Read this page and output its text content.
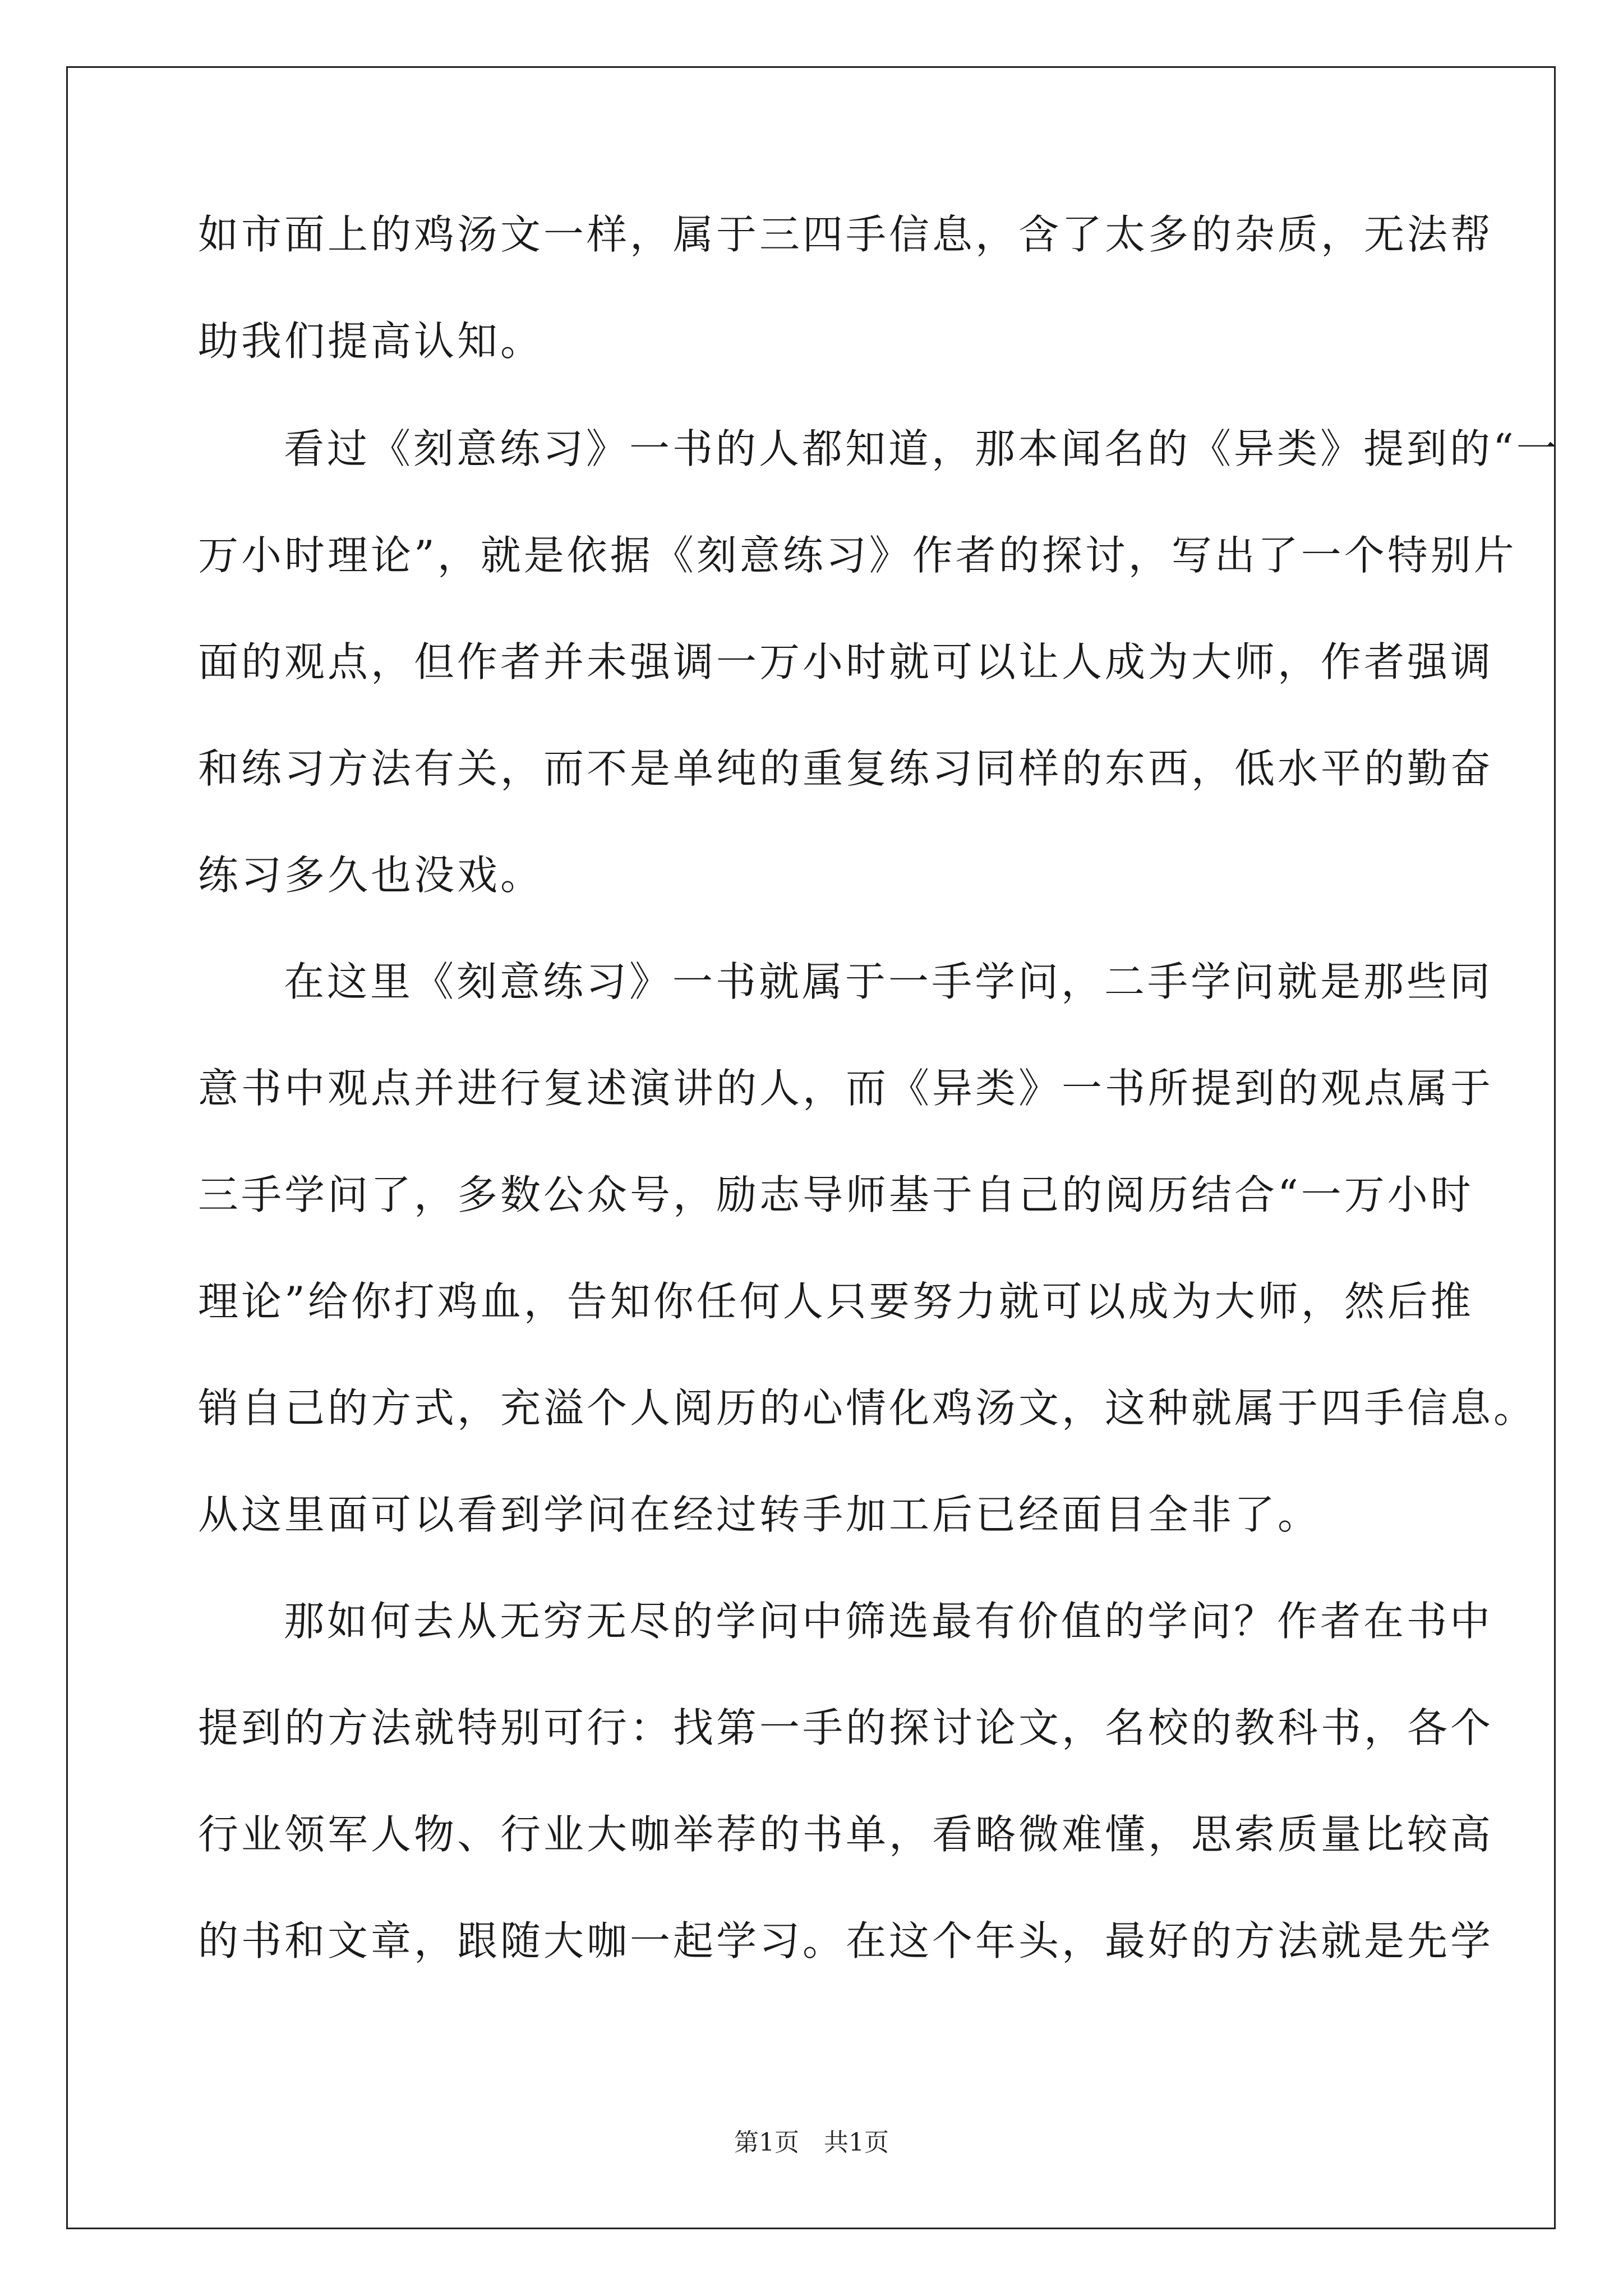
如市面上的鸡汤文一样，属于三四手信息，含了太多的杂质，无法帮
助我们提高认知。
看过《刻意练习》一书的人都知道，那本闻名的《异类》提到的“一
万小时理论”，就是依据《刻意练习》作者的探讨，写出了一个特别片
面的观点，但作者并未强调一万小时就可以让人成为大师，作者强调
和练习方法有关，而不是单纯的重复练习同样的东西，低水平的勤奋
练习多久也没戏。
在这里《刻意练习》一书就属于一手学问，二手学问就是那些同
意书中观点并进行复述演讲的人，而《异类》一书所提到的观点属于
三手学问了，多数公众号，励志导师基于自己的阅历结合“一万小时
理论”给你打鸡血，告知你任何人只要努力就可以成为大师，然后推
销自己的方式，充溢个人阅历的心情化鸡汤文，这种就属于四手信息。
从这里面可以看到学问在经过转手加工后已经面目全非了。
那如何去从无穷无尽的学问中筛选最有价值的学问？作者在书中
提到的方法就特别可行：找第一手的探讨论文，名校的教科书，各个
行业领军人物、行业大咖举荐的书单，看略微难懂，思索质量比较高
的书和文章，跟随大咖一起学习。在这个年头，最好的方法就是先学
第1页　共1页
